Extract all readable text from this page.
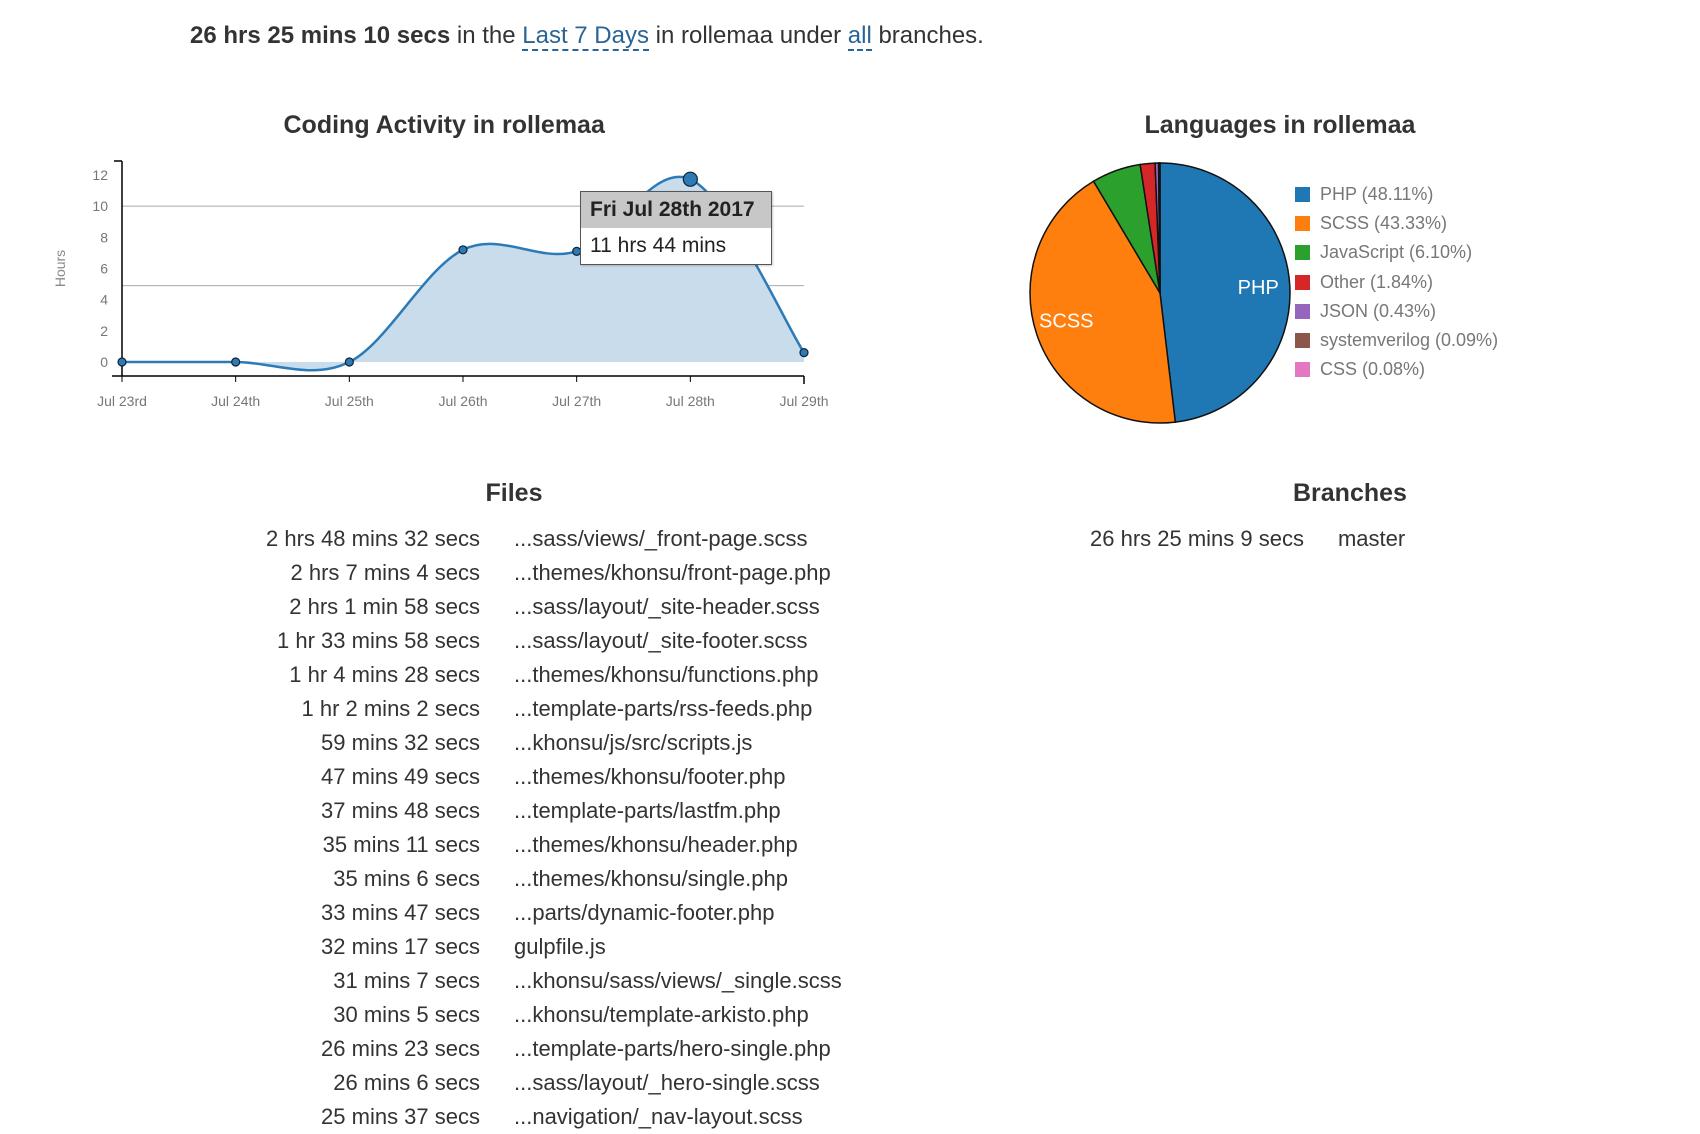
26 hrs 25 mins 10 secs in the Last 7 Days in rollemaa under all branches.
Coding Activity in rollemaa
0
2
4
6
8
10
12
Hours
Jul 23rd	Jul 24th	Jul 25th	Jul 26th	Jul 27th	Jul 28th	Jul 29th
Fri Jul 28th 2017
11 hrs 44 mins
Languages in rollemaa
PHP
SCSS
PHP (48.11%)
SCSS (43.33%)
JavaScript (6.10%)
Other (1.84%)
JSON (0.43%)
systemverilog (0.09%)
CSS (0.08%)
Files
2 hrs 48 mins 32 secs ...sass/views/_front-page.scss
2 hrs 7 mins 4 secs ...themes/khonsu/front-page.php
2 hrs 1 min 58 secs ...sass/layout/_site-header.scss
1 hr 33 mins 58 secs ...sass/layout/_site-footer.scss
1 hr 4 mins 28 secs ...themes/khonsu/functions.php
1 hr 2 mins 2 secs ...template-parts/rss-feeds.php
59 mins 32 secs ...khonsu/js/src/scripts.js
47 mins 49 secs ...themes/khonsu/footer.php
37 mins 48 secs ...template-parts/lastfm.php
35 mins 11 secs ...themes/khonsu/header.php
35 mins 6 secs ...themes/khonsu/single.php
33 mins 47 secs ...parts/dynamic-footer.php
32 mins 17 secs gulpfile.js
31 mins 7 secs ...khonsu/sass/views/_single.scss
30 mins 5 secs ...khonsu/template-arkisto.php
26 mins 23 secs ...template-parts/hero-single.php
26 mins 6 secs ...sass/layout/_hero-single.scss
25 mins 37 secs ...navigation/_nav-layout.scss
Branches
26 hrs 25 mins 9 secs master
